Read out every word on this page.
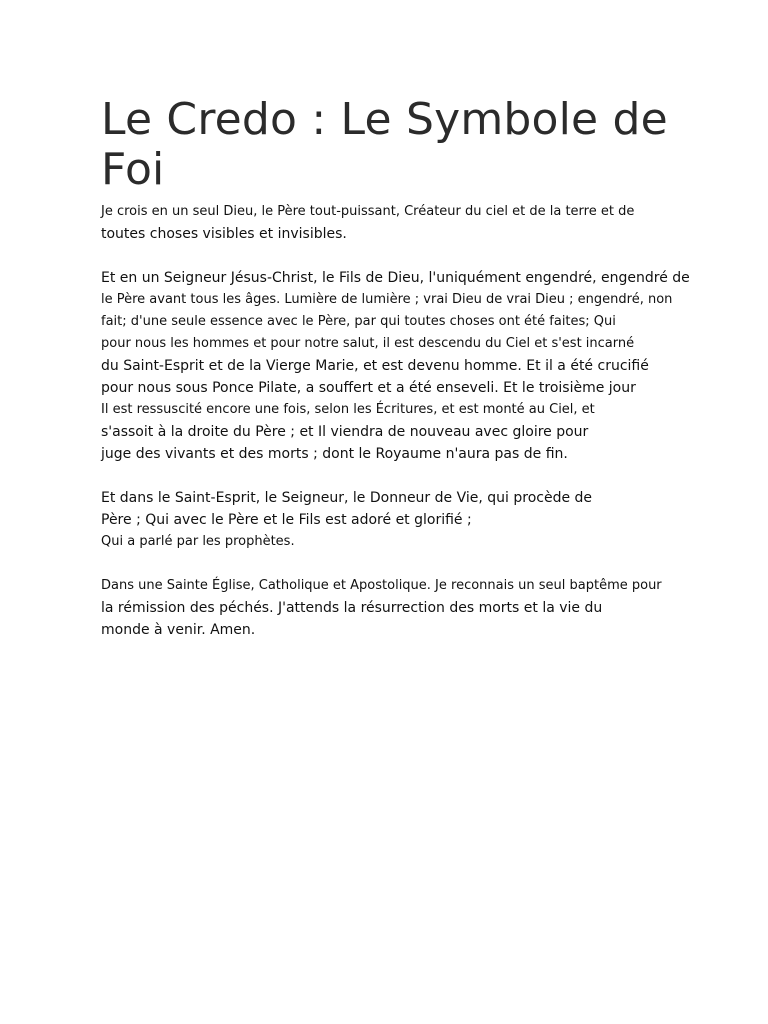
Le Credo : Le Symbole de Foi
Je crois en un seul Dieu, le Père tout-puissant, Créateur du ciel et de la terre et de
toutes choses visibles et invisibles.
Et en un Seigneur Jésus-Christ, le Fils de Dieu, l'uniquément engendré, engendré de
le Père avant tous les âges. Lumière de lumière ; vrai Dieu de vrai Dieu ; engendré, non
fait; d'une seule essence avec le Père, par qui toutes choses ont été faites; Qui
pour nous les hommes et pour notre salut, il est descendu du Ciel et s'est incarné
du Saint-Esprit et de la Vierge Marie, et est devenu homme. Et il a été crucifié
pour nous sous Ponce Pilate, a souffert et a été enseveli. Et le troisième jour
Il est ressuscité encore une fois, selon les Écritures, et est monté au Ciel, et
s'assoit à la droite du Père ; et Il viendra de nouveau avec gloire pour
juge des vivants et des morts ; dont le Royaume n'aura pas de fin.
Et dans le Saint-Esprit, le Seigneur, le Donneur de Vie, qui procède de
Père ; Qui avec le Père et le Fils est adoré et glorifié ;
Qui a parlé par les prophètes.
Dans une Sainte Église, Catholique et Apostolique. Je reconnais un seul baptême pour
la rémission des péchés. J'attends la résurrection des morts et la vie du
monde à venir. Amen.
